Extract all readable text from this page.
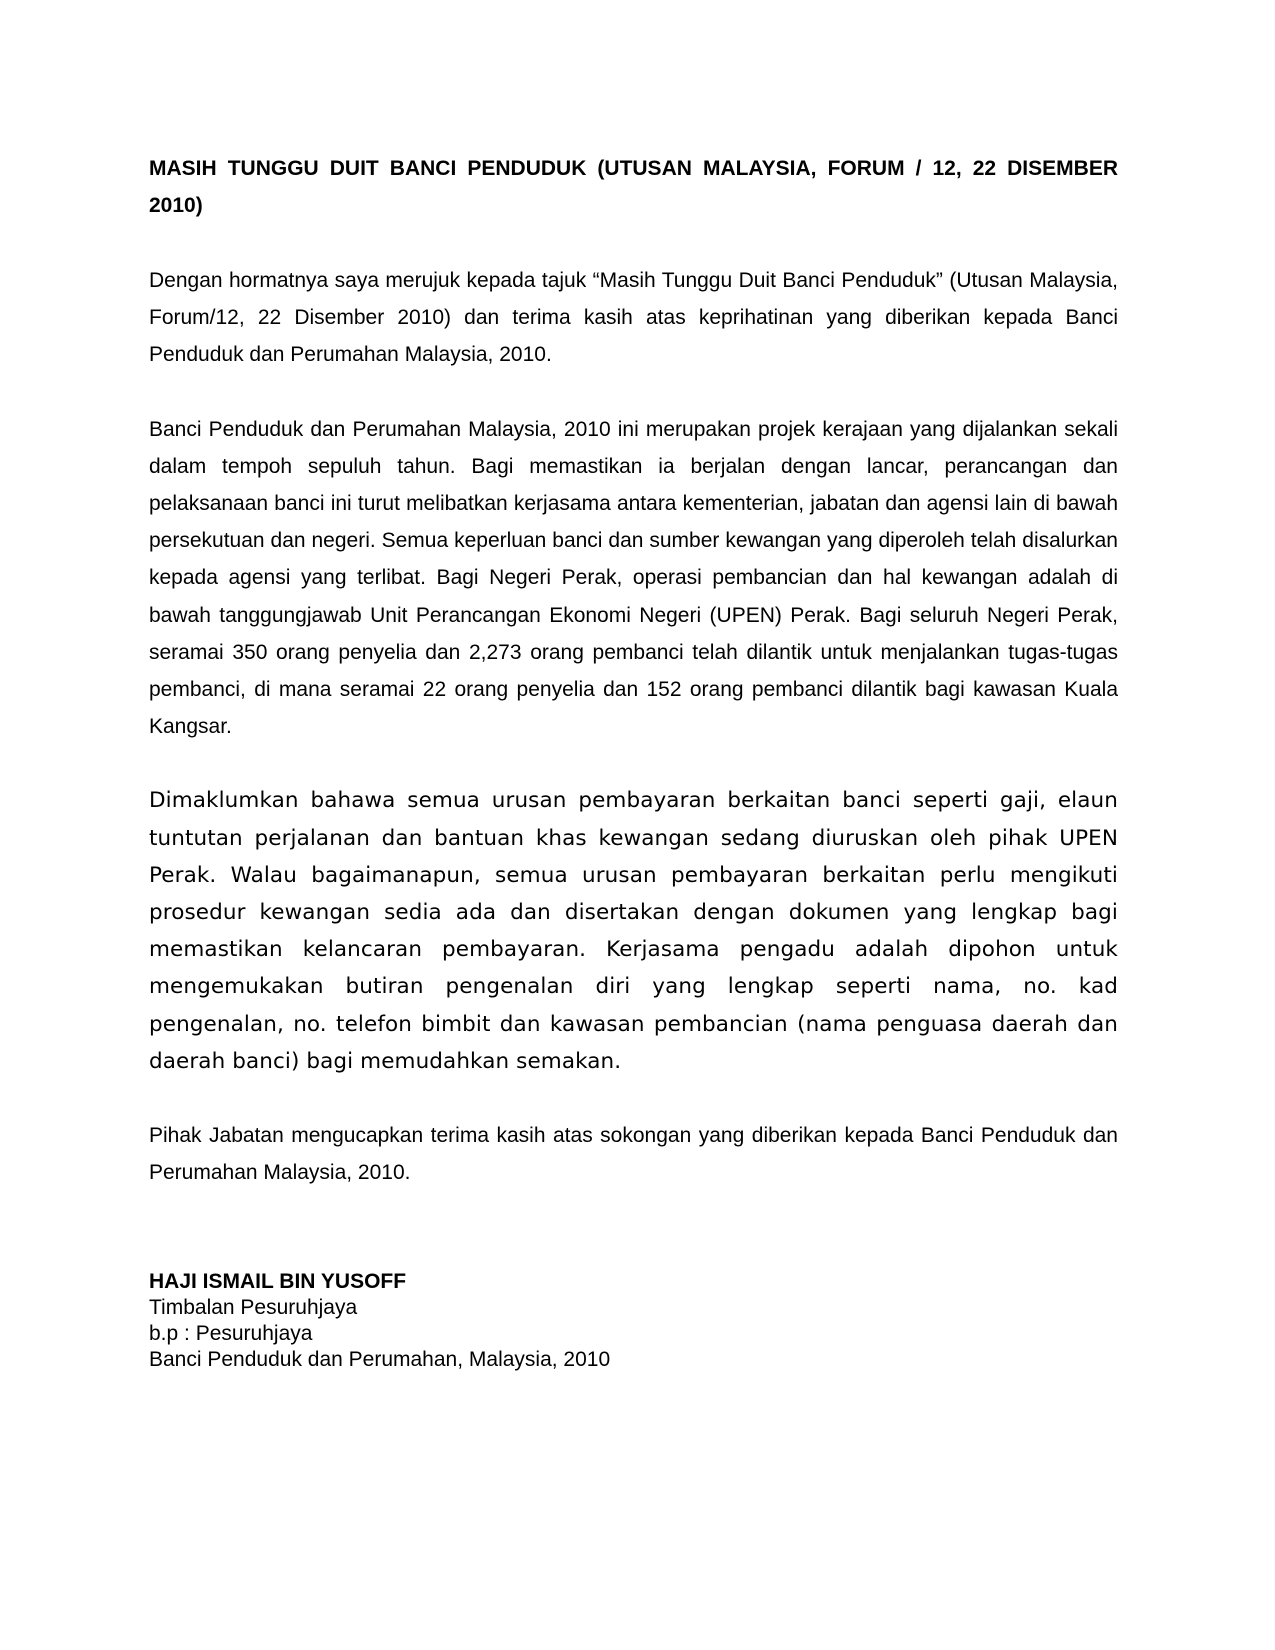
MASIH TUNGGU DUIT BANCI PENDUDUK (UTUSAN MALAYSIA, FORUM / 12, 22 DISEMBER 2010)

Dengan hormatnya saya merujuk kepada tajuk “Masih Tunggu Duit Banci Penduduk” (Utusan Malaysia, Forum/12, 22 Disember 2010) dan terima kasih atas keprihatinan yang diberikan kepada Banci Penduduk dan Perumahan Malaysia, 2010.

Banci Penduduk dan Perumahan Malaysia, 2010 ini merupakan projek kerajaan yang dijalankan sekali dalam tempoh sepuluh tahun. Bagi memastikan ia berjalan dengan lancar, perancangan dan pelaksanaan banci ini turut melibatkan kerjasama antara kementerian, jabatan dan agensi lain di bawah persekutuan dan negeri. Semua keperluan banci dan sumber kewangan yang diperoleh telah disalurkan kepada agensi yang terlibat. Bagi Negeri Perak, operasi pembancian dan hal kewangan adalah di bawah tanggungjawab Unit Perancangan Ekonomi Negeri (UPEN) Perak. Bagi seluruh Negeri Perak, seramai 350 orang penyelia dan 2,273 orang pembanci telah dilantik untuk menjalankan tugas-tugas pembanci, di mana seramai 22 orang penyelia dan 152 orang pembanci dilantik bagi kawasan Kuala Kangsar.

Dimaklumkan bahawa semua urusan pembayaran berkaitan banci seperti gaji, elaun tuntutan perjalanan dan bantuan khas kewangan sedang diuruskan oleh pihak UPEN Perak. Walau bagaimanapun, semua urusan pembayaran berkaitan perlu mengikuti prosedur kewangan sedia ada dan disertakan dengan dokumen yang lengkap bagi memastikan kelancaran pembayaran. Kerjasama pengadu adalah dipohon untuk mengemukakan butiran pengenalan diri yang lengkap seperti nama, no. kad pengenalan, no. telefon bimbit dan kawasan pembancian (nama penguasa daerah dan daerah banci) bagi memudahkan semakan.

Pihak Jabatan mengucapkan terima kasih atas sokongan yang diberikan kepada Banci Penduduk dan Perumahan Malaysia, 2010.

HAJI ISMAIL BIN YUSOFF
Timbalan Pesuruhjaya
b.p : Pesuruhjaya
Banci Penduduk dan Perumahan, Malaysia, 2010
